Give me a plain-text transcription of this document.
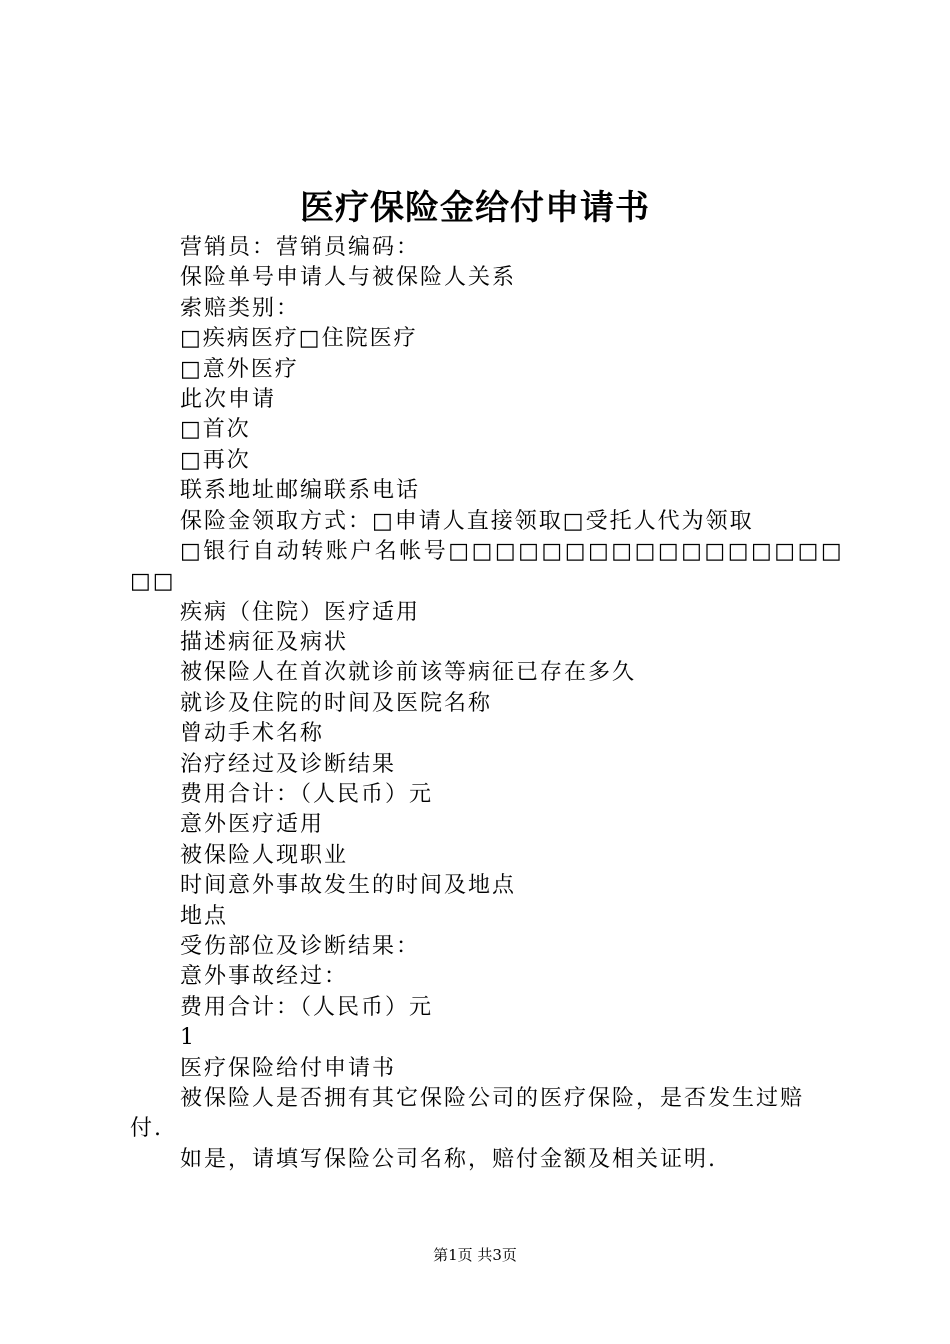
医疗保险金给付申请书
营销员：营销员编码：
保险单号申请人与被保险人关系
索赔类别：
□疾病医疗□住院医疗
□意外医疗
此次申请
□首次
□再次
联系地址邮编联系电话
保险金领取方式：□申请人直接领取□受托人代为领取
□银行自动转账户名帐号□□□□□□□□□□□□□□□□□
□□
疾病（住院）医疗适用
描述病征及病状
被保险人在首次就诊前该等病征已存在多久
就诊及住院的时间及医院名称
曾动手术名称
治疗经过及诊断结果
费用合计：（人民币）元
意外医疗适用
被保险人现职业
时间意外事故发生的时间及地点
地点
受伤部位及诊断结果：
意外事故经过：
费用合计：（人民币）元
1
医疗保险给付申请书
被保险人是否拥有其它保险公司的医疗保险，是否发生过赔付.
如是，请填写保险公司名称，赔付金额及相关证明.
第1页 共3页
